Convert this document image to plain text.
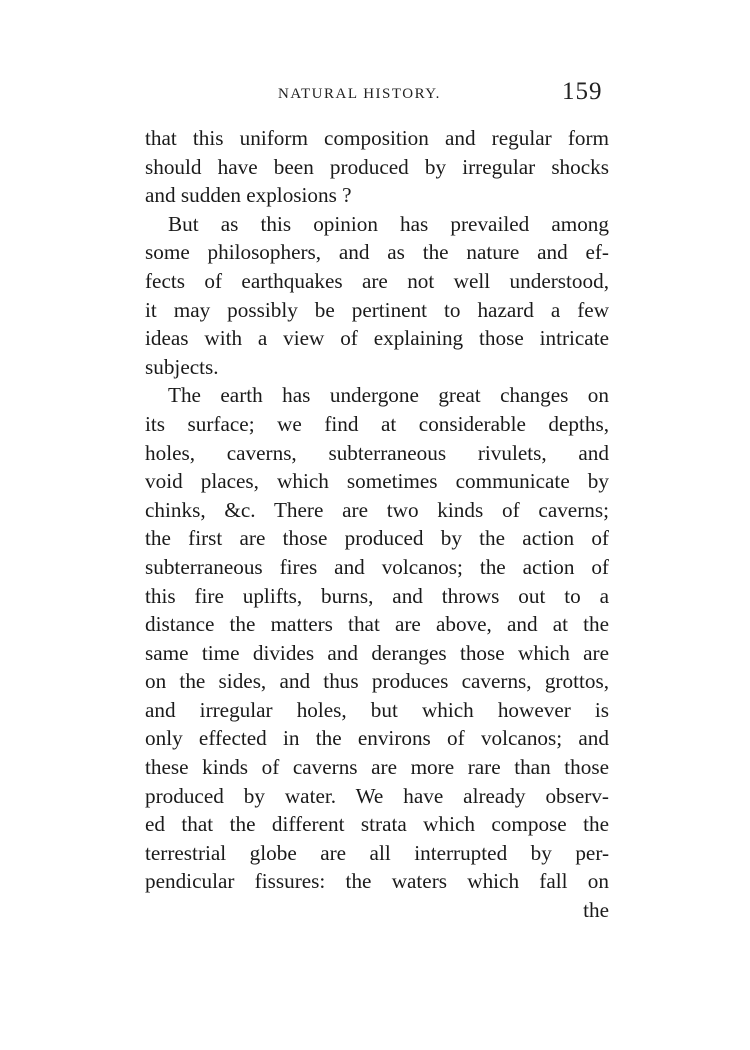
NATURAL HISTORY.	159
that this uniform composition and regular form
should have been produced by irregular shocks
and sudden explosions ?
But as this opinion has prevailed among
some philosophers, and as the nature and ef-
fects of earthquakes are not well understood,
it may possibly be pertinent to hazard a few
ideas with a view of explaining those intricate
subjects.
The earth has undergone great changes on
its surface; we find at considerable depths,
holes, caverns, subterraneous rivulets, and
void places, which sometimes communicate by
chinks, &c. There are two kinds of caverns;
the first are those produced by the action of
subterraneous fires and volcanos; the action of
this fire uplifts, burns, and throws out to a
distance the matters that are above, and at the
same time divides and deranges those which are
on the sides, and thus produces caverns, grottos,
and irregular holes, but which however is
only effected in the environs of volcanos; and
these kinds of caverns are more rare than those
produced by water. We have already observ-
ed that the different strata which compose the
terrestrial globe are all interrupted by per-
pendicular fissures: the waters which fall on
the
